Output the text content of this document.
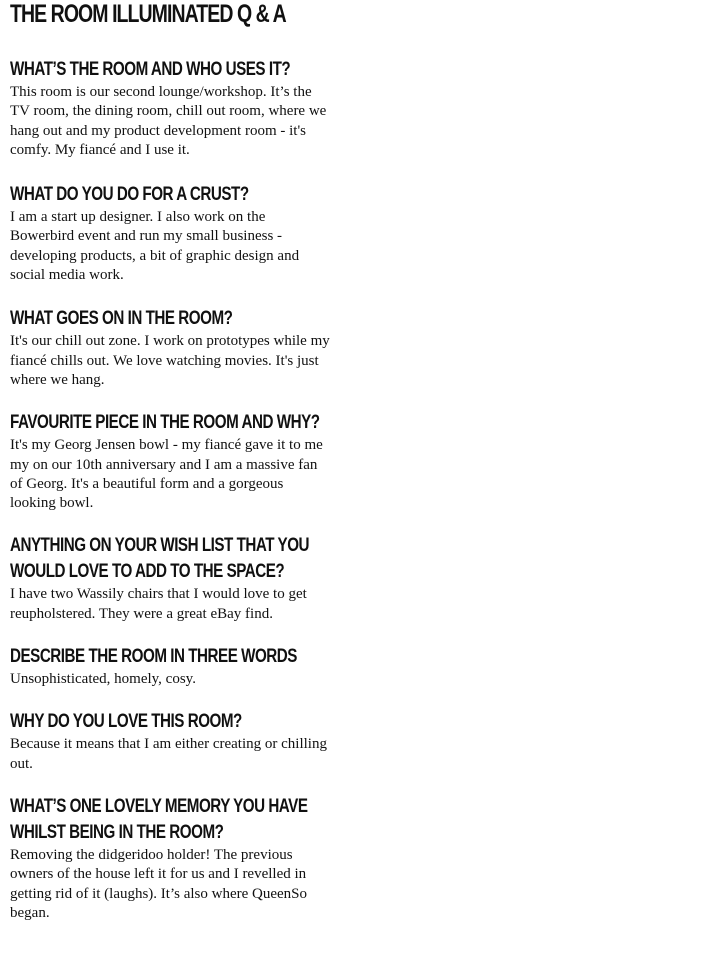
THE ROOM ILLUMINATED Q & A
WHAT’S THE ROOM AND WHO USES IT?

This room is our second lounge/workshop. It’s the TV room, the dining room, chill out room, where we hang out and my product development room - it's comfy. My fiancé and I use it.

WHAT DO YOU DO FOR A CRUST?

I am a start up designer. I also work on the Bowerbird event and run my small business - developing products, a bit of graphic design and social media work.

WHAT GOES ON IN THE ROOM?

It's our chill out zone. I work on prototypes while my fiancé chills out. We love watching movies. It's just where we hang.

FAVOURITE PIECE IN THE ROOM AND WHY?

It's my Georg Jensen bowl - my fiancé gave it to me my on our 10th anniversary and I am a massive fan of Georg. It's a beautiful form and a gorgeous looking bowl.

ANYTHING ON YOUR WISH LIST THAT YOU WOULD LOVE TO ADD TO THE SPACE?

I have two Wassily chairs that I would love to get reupholstered. They were a great eBay find.

DESCRIBE THE ROOM IN THREE WORDS

Unsophisticated, homely, cosy.

WHY DO YOU LOVE THIS ROOM?

Because it means that I am either creating or chilling out.

WHAT’S ONE LOVELY MEMORY YOU HAVE WHILST BEING IN THE ROOM?

Removing the didgeridoo holder! The previous owners of the house left it for us and I revelled in getting rid of it (laughs). It’s also where QueenSo began.
